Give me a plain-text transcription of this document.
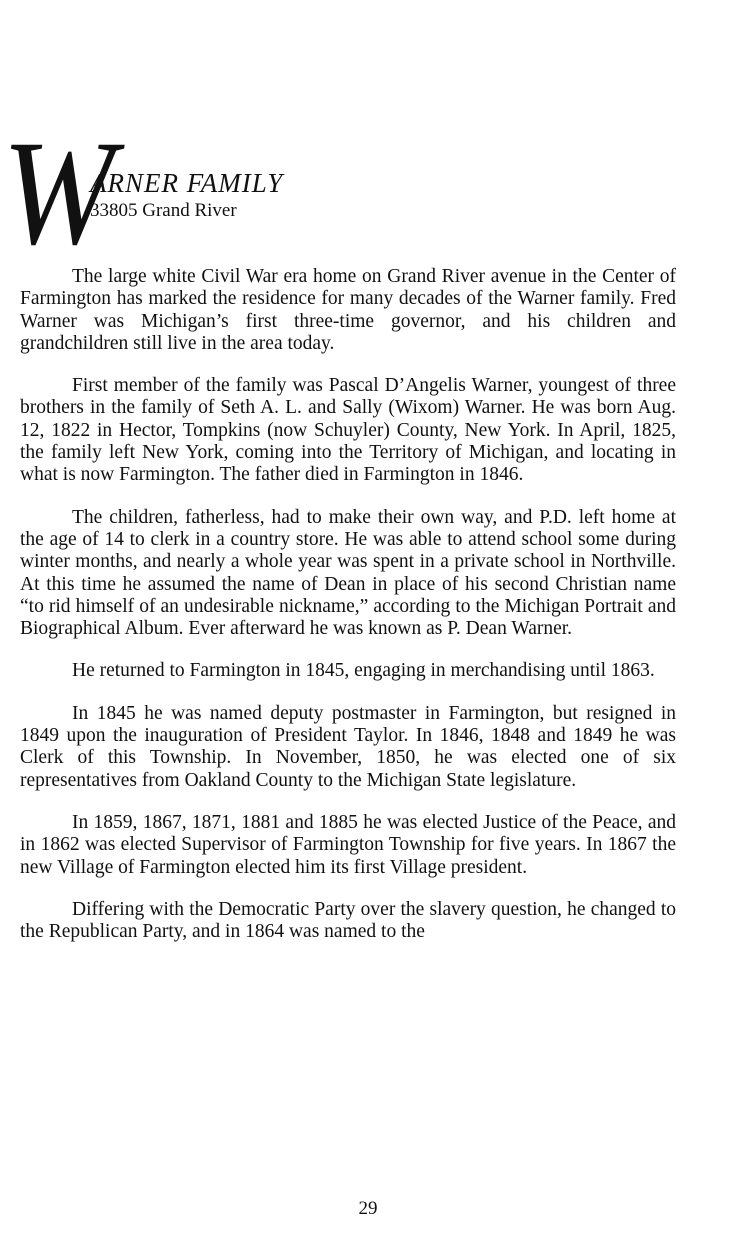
W
ARNER FAMILY
33805 Grand River

The large white Civil War era home on Grand River avenue in the Center of Farmington has marked the residence for many decades of the Warner family. Fred Warner was Michigan’s first three-time governor, and his children and grandchildren still live in the area today.

First member of the family was Pascal D’Angelis Warner, youngest of three brothers in the family of Seth A. L. and Sally (Wixom) Warner. He was born Aug. 12, 1822 in Hector, Tompkins (now Schuyler) County, New York. In April, 1825, the family left New York, coming into the Territory of Michigan, and locating in what is now Farmington. The father died in Farmington in 1846.

The children, fatherless, had to make their own way, and P.D. left home at the age of 14 to clerk in a country store. He was able to attend school some during winter months, and nearly a whole year was spent in a private school in Northville. At this time he assumed the name of Dean in place of his second Christian name “to rid himself of an undesirable nickname,” according to the Michigan Portrait and Biographical Album. Ever afterward he was known as P. Dean Warner.

He returned to Farmington in 1845, engaging in merchandising until 1863.

In 1845 he was named deputy postmaster in Farmington, but resigned in 1849 upon the inauguration of President Taylor. In 1846, 1848 and 1849 he was Clerk of this Township. In November, 1850, he was elected one of six representatives from Oakland County to the Michigan State legislature.

In 1859, 1867, 1871, 1881 and 1885 he was elected Justice of the Peace, and in 1862 was elected Supervisor of Farmington Township for five years. In 1867 the new Village of Farmington elected him its first Village president.

Differing with the Democratic Party over the slavery question, he changed to the Republican Party, and in 1864 was named to the

29
